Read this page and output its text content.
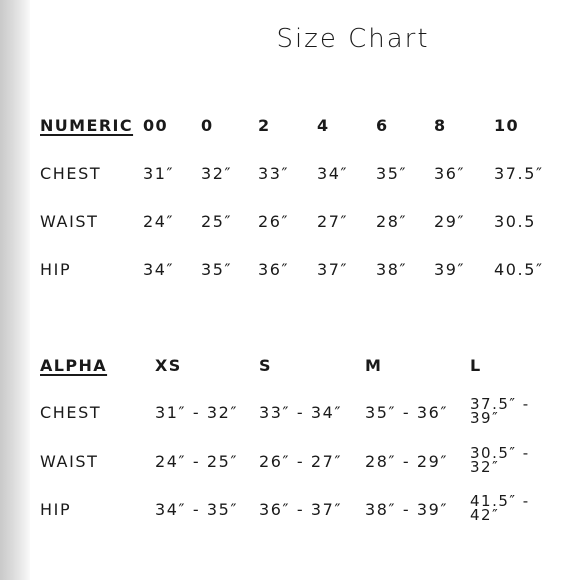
Size Chart
NUMERIC 00 0	2	4	6	8	10
CHEST	31″ 32″ 33″ 34″ 35″ 36″ 37.5″
WAIST	24″ 25″ 26″ 27″ 28″ 29″ 30.5
HIP	34″ 35″ 36″ 37″ 38″ 39″ 40.5″
ALPHA	XS	S	M	L
CHEST	31″ - 32″ 33″ - 34″ 35″ - 36″ 37.5″ - 39″
WAIST	24″ - 25″ 26″ - 27″ 28″ - 29″ 30.5″ - 32″
HIP	34″ - 35″ 36″ - 37″ 38″ - 39″ 41.5″ - 42″
